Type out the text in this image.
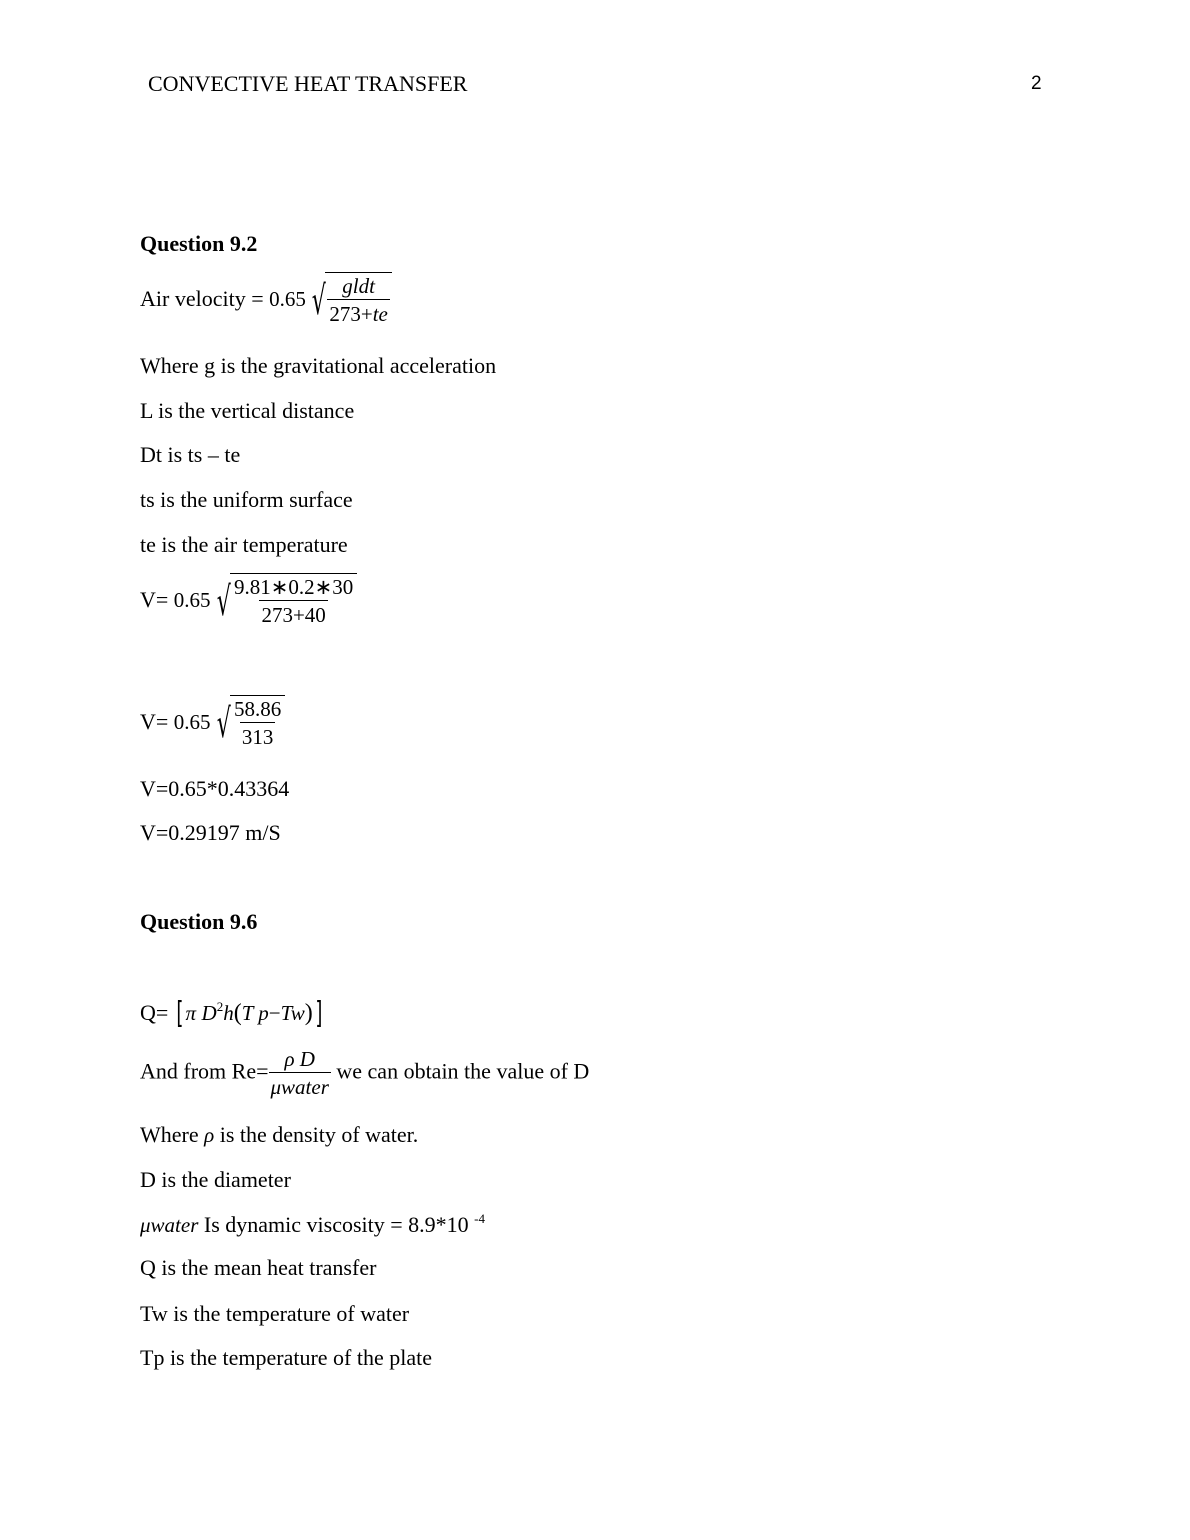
CONVECTIVE HEAT TRANSFER	2
Question 9.2
Air velocity = 0.65 √ $\frac{\text{gldt}}{273+te}$
Where g is the gravitational acceleration
L is the vertical distance
Dt is ts – te
ts is the uniform surface
te is the air temperature
V= 0.65 √ $\frac{9.81∗0.2∗30}{273+40}$
V= 0.65 √ $\frac{58.86}{313}$
V=0.65*0.43364
V=0.29197 m/S
Question 9.6
Q= [ π $D^2h(T$ p−Tw)]
And from $Re= \frac{\text{ρ D}}{\text{μwater}}$ we can obtain the value of D
Where ρ is the density of water.
D is the diameter
μwater Is dynamic viscosity = 8.9*10 $^{-4}$
Q is the mean heat transfer
Tw is the temperature of water
Tp is the temperature of the plate
